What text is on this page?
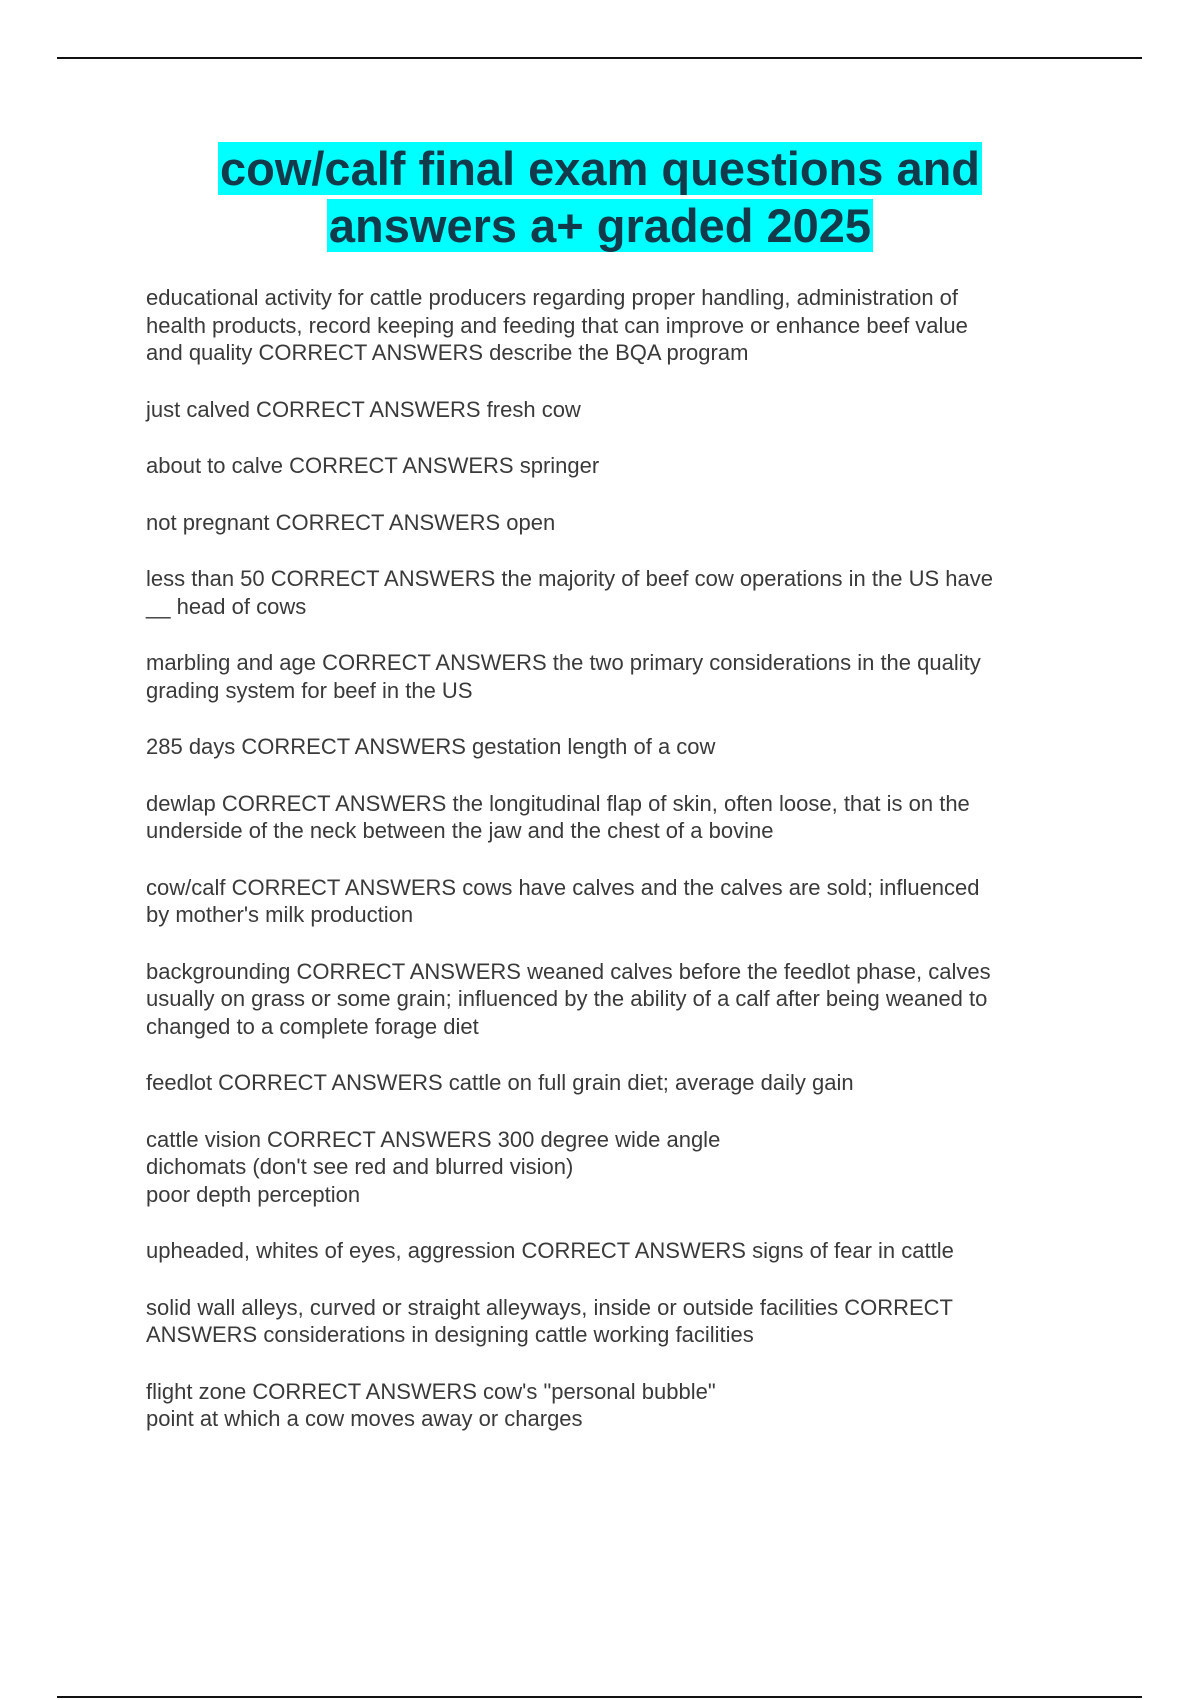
cow/calf final exam questions and
answers a+ graded 2025
educational activity for cattle producers regarding proper handling, administration of
health products, record keeping and feeding that can improve or enhance beef value
and quality CORRECT ANSWERS describe the BQA program
just calved CORRECT ANSWERS fresh cow
about to calve CORRECT ANSWERS springer
not pregnant CORRECT ANSWERS open
less than 50 CORRECT ANSWERS the majority of beef cow operations in the US have
__ head of cows
marbling and age CORRECT ANSWERS the two primary considerations in the quality
grading system for beef in the US
285 days CORRECT ANSWERS gestation length of a cow
dewlap CORRECT ANSWERS the longitudinal flap of skin, often loose, that is on the
underside of the neck between the jaw and the chest of a bovine
cow/calf CORRECT ANSWERS cows have calves and the calves are sold; influenced
by mother's milk production
backgrounding CORRECT ANSWERS weaned calves before the feedlot phase, calves
usually on grass or some grain; influenced by the ability of a calf after being weaned to
changed to a complete forage diet
feedlot CORRECT ANSWERS cattle on full grain diet; average daily gain
cattle vision CORRECT ANSWERS 300 degree wide angle
dichomats (don't see red and blurred vision)
poor depth perception
upheaded, whites of eyes, aggression CORRECT ANSWERS signs of fear in cattle
solid wall alleys, curved or straight alleyways, inside or outside facilities CORRECT
ANSWERS considerations in designing cattle working facilities
flight zone CORRECT ANSWERS cow's "personal bubble"
point at which a cow moves away or charges
